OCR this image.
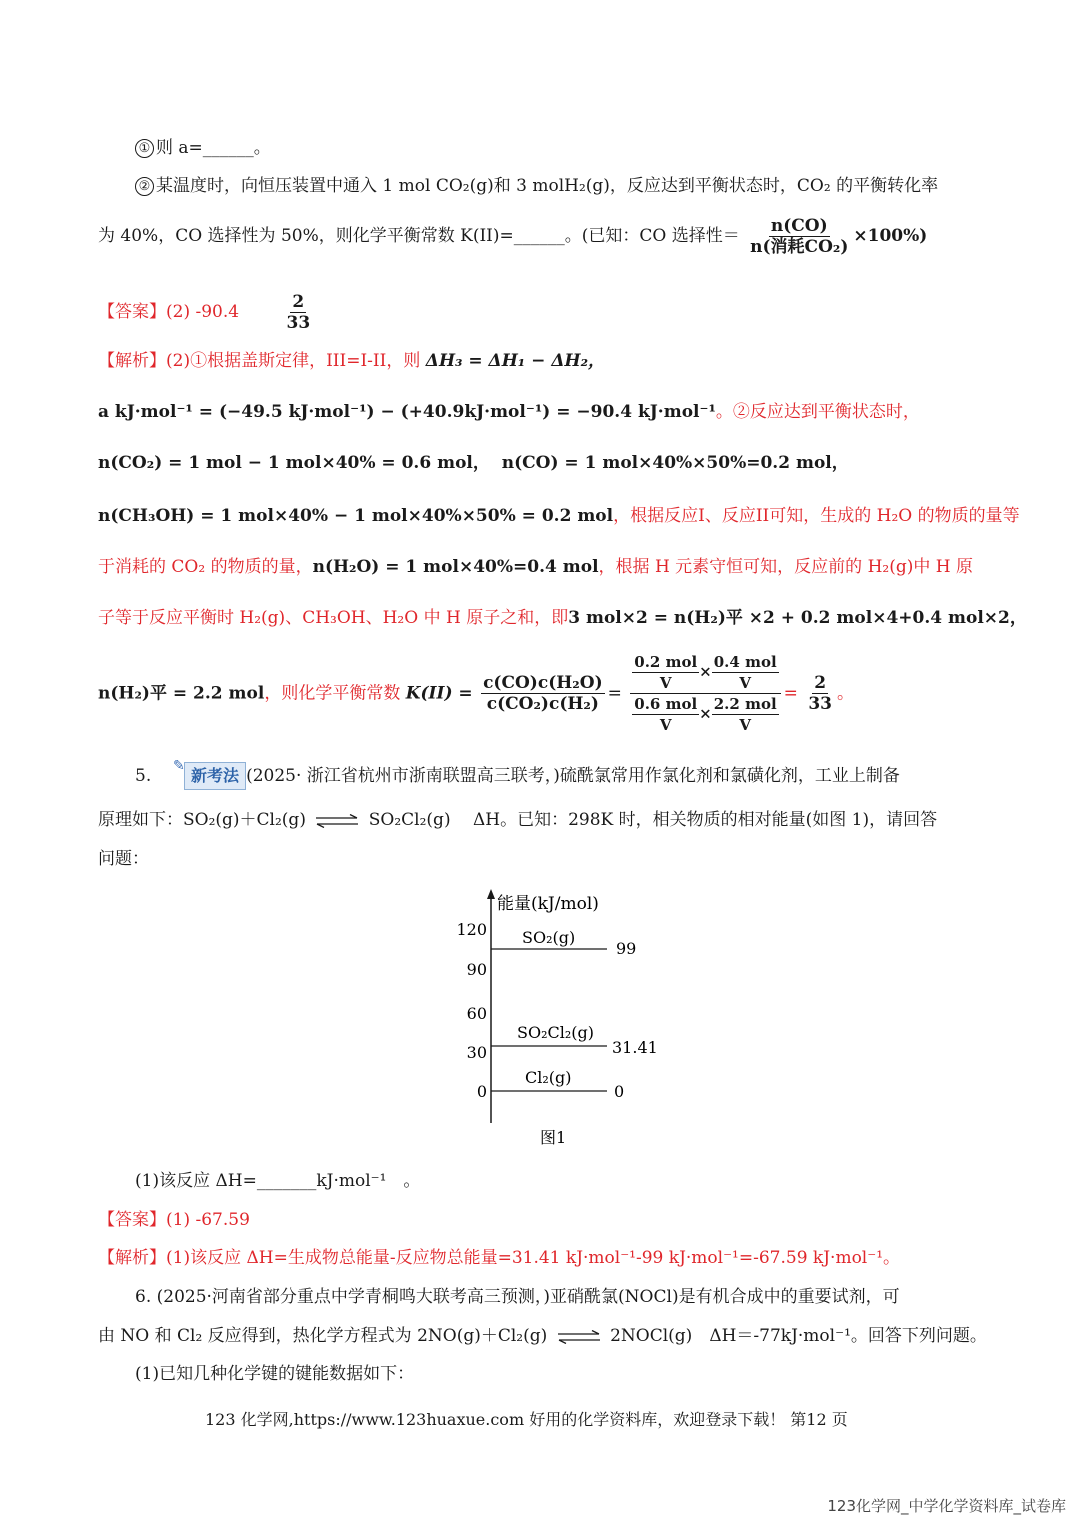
① 则 a=______。
② 某温度时，向恒压装置中通入 1 mol CO₂(g)和 3 molH₂(g)，反应达到平衡状态时，CO₂ 的平衡转化率
为 40%，CO 选择性为 50%，则化学平衡常数 K(II)=______。(已知：CO 选择性＝ $\frac{n(CO)}{\text{n(消耗CO₂)}} \times 100\%$)
【答案】(2) -90.4	$\frac{2}{33}$
【解析】(2)①根据盖斯定律，III=I-II，则 ΔH₃ = ΔH₁ − ΔH₂，
a kJ·mol⁻¹ = (−49.5 kJ·mol⁻¹) − (+40.9kJ·mol⁻¹) = −90.4 kJ·mol⁻¹。②反应达到平衡状态时，
n(CO₂) = 1 mol − 1 mol×40% = 0.6 mol， n(CO) = 1 mol×40%×50%=0.2 mol，
n(CH₃OH) = 1 mol×40% − 1 mol×40%×50% = 0.2 mol，根据反应I、反应II可知，生成的 H₂O 的物质的量等
于消耗的 CO₂ 的物质的量，n(H₂O) = 1 mol×40%=0.4 mol，根据 H 元素守恒可知，反应前的 H₂(g)中 H 原
子等于反应平衡时 H₂(g)、CH₃OH、H₂O 中 H 原子之和，即3 mol×2 = n(H₂)平 ×2 + 0.2 mol×4+0.4 mol×2，
n(H₂)平 = 2.2 mol，则化学平衡常数 $K(II) = \frac{\text{c(CO)c(H₂O)}}{\text{c(CO₂)c(H₂)}} = \frac{\frac{\text{0.2 mol}}{V} \times \frac{\text{0.4 mol}}{V}}{\frac{\text{0.6 mol}}{V} \times \frac{\text{2.2 mol}}{V}} = \frac{2}{33}$ 。
5. ✎ 新考法 (2025· 浙江省杭州市浙南联盟高三联考，)硫酰氯常用作氯化剂和氯磺化剂，工业上制备
原理如下：SO₂(g)＋Cl₂(g) ⇌ SO₂Cl₂(g)　 ΔH。已知：298K 时，相关物质的相对能量(如图 1)，请回答
问题：
能量(kJ/mol)
120
90
60
30
0
SO₂(g)
99
SO₂Cl₂(g)
31.41
Cl₂(g)
0
图1
(1)该反应 ΔH=_______kJ·mol⁻¹　。
【答案】(1) -67.59
【解析】(1)该反应 ΔH=生成物总能量-反应物总能量=31.41 kJ·mol⁻¹-99 kJ·mol⁻¹=-67.59 kJ·mol⁻¹。
6. (2025·河南省部分重点中学青桐鸣大联考高三预测，)亚硝酰氯(NOCl)是有机合成中的重要试剂，可
由 NO 和 Cl₂ 反应得到，热化学方程式为 2NO(g)＋Cl₂(g) ⇌ 2NOCl(g)　ΔH＝-77kJ·mol⁻¹。回答下列问题。
(1)已知几种化学键的键能数据如下：
123 化学网,https://www.123huaxue.com 好用的化学资料库，欢迎登录下载！ 第12 页
123化学网_中学化学资料库_试卷库
